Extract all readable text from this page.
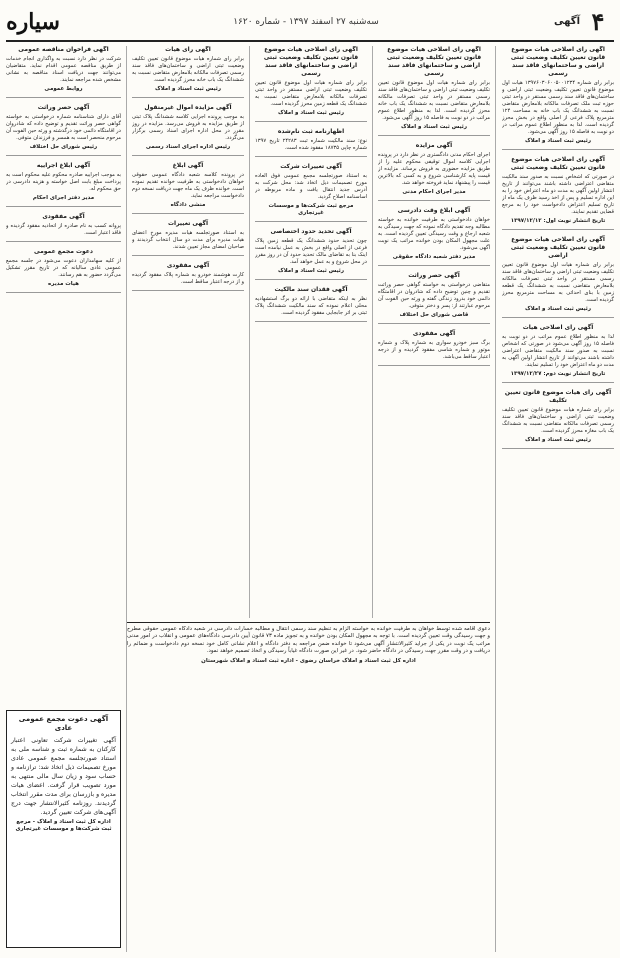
۴
آگهی
سه‌شنبه ۲۷ اسفند ۱۳۹۷ - شماره ۱۶۲۰
سیاره
آگهی رای اصلاحی هیات موضوع قانون تعیین تکلیف وضعیت ثبتی اراضی و ساختمانهای فاقد سند رسمی
برابر رای شماره ۱۳۹۷۶۰۳۰۶۰۰۵۰۰۱۲۳۴ هیات اول موضوع قانون تعیین تکلیف وضعیت ثبتی اراضی و ساختمان‌های فاقد سند رسمی مستقر در واحد ثبتی حوزه ثبت ملک تصرفات مالکانه بلامعارض متقاضی نسبت به ششدانگ یک باب خانه به مساحت ۱۲۴ مترمربع پلاک فرعی از اصلی واقع در بخش محرز گردیده است. لذا به منظور اطلاع عموم مراتب در دو نوبت به فاصله ۱۵ روز آگهی می‌شود.
رئیس ثبت اسناد و املاک
آگهی رای اصلاحی هیات موضوع قانون تعیین تکلیف وضعیت ثبتی
در صورتی که اشخاص نسبت به صدور سند مالکیت متقاضی اعتراضی داشته باشند می‌توانند از تاریخ انتشار اولین آگهی به مدت دو ماه اعتراض خود را به این اداره تسلیم و پس از اخذ رسید ظرف یک ماه از تاریخ تسلیم اعتراض دادخواست خود را به مرجع قضایی تقدیم نمایند.
تاریخ انتشار نوبت اول: ۱۳۹۷/۱۲/۱۲
آگهی رای اصلاحی هیات موضوع قانون تعیین تکلیف وضعیت ثبتی اراضی
برابر رای شماره هیات اول موضوع قانون تعیین تکلیف وضعیت ثبتی اراضی و ساختمان‌های فاقد سند رسمی مستقر در واحد ثبتی تصرفات مالکانه بلامعارض متقاضی نسبت به ششدانگ یک قطعه زمین با بنای احداثی به مساحت مترمربع محرز گردیده است.
رئیس ثبت اسناد و املاک
آگهی رای اصلاحی هیات
لذا به منظور اطلاع عموم مراتب در دو نوبت به فاصله ۱۵ روز آگهی می‌شود در صورتی که اشخاص نسبت به صدور سند مالکیت متقاضی اعتراضی داشته باشند می‌توانند از تاریخ انتشار اولین آگهی به مدت دو ماه اعتراض خود را تسلیم نمایند.
تاریخ انتشار نوبت دوم: ۱۳۹۷/۱۲/۲۷
آگهی رای هیات موضوع قانون تعیین تکلیف
برابر رای شماره هیات موضوع قانون تعیین تکلیف وضعیت ثبتی اراضی و ساختمان‌های فاقد سند رسمی تصرفات مالکانه متقاضی نسبت به ششدانگ یک باب مغازه محرز گردیده است.
رئیس ثبت اسناد و املاک
آگهی رای اصلاحی هیات موضوع قانون تعیین تکلیف وضعیت ثبتی اراضی و ساختمانهای فاقد سند رسمی
برابر رای شماره هیات اول موضوع قانون تعیین تکلیف وضعیت ثبتی اراضی و ساختمان‌های فاقد سند رسمی مستقر در واحد ثبتی تصرفات مالکانه بلامعارض متقاضی نسبت به ششدانگ یک باب خانه محرز گردیده است. لذا به منظور اطلاع عموم مراتب در دو نوبت به فاصله ۱۵ روز آگهی می‌شود.
رئیس ثبت اسناد و املاک
آگهی مزایده
اجرای احکام مدنی دادگستری در نظر دارد در پرونده اجرایی کلاسه اموال توقیفی محکوم علیه را از طریق مزایده حضوری به فروش برساند. مزایده از قیمت پایه کارشناسی شروع و به کسی که بالاترین قیمت را پیشنهاد نماید فروخته خواهد شد.
مدیر اجرای احکام مدنی
آگهی ابلاغ وقت دادرسی
خواهان دادخواستی به طرفیت خوانده به خواسته مطالبه وجه تقدیم دادگاه نموده که جهت رسیدگی به شعبه ارجاع و وقت رسیدگی تعیین گردیده است. به علت مجهول المکان بودن خوانده مراتب یک نوبت آگهی می‌شود.
مدیر دفتر شعبه دادگاه حقوقی
آگهی حصر وراثت
متقاضی درخواستی به خواسته گواهی حصر وراثت تقدیم و چنین توضیح داده که شادروان در اقامتگاه دائمی خود بدرود زندگی گفته و ورثه حین الفوت آن مرحوم عبارتند از: پسر و دختر متوفی.
قاضی شورای حل اختلاف
آگهی مفقودی
برگ سبز خودرو سواری به شماره پلاک و شماره موتور و شماره شاسی مفقود گردیده و از درجه اعتبار ساقط می‌باشد.
آگهی رای اصلاحی هیات موضوع قانون تعیین تکلیف وضعیت ثبتی اراضی و ساختمانهای فاقد سند رسمی
برابر رای شماره هیات اول موضوع قانون تعیین تکلیف وضعیت ثبتی اراضی مستقر در واحد ثبتی تصرفات مالکانه بلامعارض متقاضی نسبت به ششدانگ یک قطعه زمین محرز گردیده است.
رئیس ثبت اسناد و املاک
اظهارنامه ثبت نام‌شده
نوع: سند مالکیت شماره ثبت ۲۴۲۸۳ تاریخ ۱۳۹۷ شماره چاپی ۱۸۷۳۵ مفقود شده است.
آگهی تغییرات شرکت
به استناد صورتجلسه مجمع عمومی فوق العاده مورخ تصمیمات ذیل اتخاذ شد: محل شرکت به آدرس جدید انتقال یافت و ماده مربوطه در اساسنامه اصلاح گردید.
مرجع ثبت شرکت‌ها و موسسات غیرتجاری
آگهی تحدید حدود اختصاصی
چون تحدید حدود ششدانگ یک قطعه زمین پلاک فرعی از اصلی واقع در بخش به عمل نیامده است اینک بنا به تقاضای مالک تحدید حدود آن در روز مقرر در محل شروع و به عمل خواهد آمد.
رئیس ثبت اسناد و املاک
آگهی فقدان سند مالکیت
نظر به اینکه متقاضی با ارائه دو برگ استشهادیه محلی اعلام نموده که سند مالکیت ششدانگ پلاک ثبتی بر اثر جابجایی مفقود گردیده است.
آگهی رای هیات
برابر رای شماره هیات موضوع قانون تعیین تکلیف وضعیت ثبتی اراضی و ساختمان‌های فاقد سند رسمی تصرفات مالکانه بلامعارض متقاضی نسبت به ششدانگ یک باب خانه محرز گردیده است.
رئیس ثبت اسناد و املاک
آگهی مزایده اموال غیرمنقول
به موجب پرونده اجرایی کلاسه ششدانگ پلاک ثبتی از طریق مزایده به فروش می‌رسد. مزایده در روز مقرر در محل اداره اجرای اسناد رسمی برگزار می‌گردد.
رئیس اداره اجرای اسناد رسمی
آگهی ابلاغ
در پرونده کلاسه شعبه دادگاه عمومی حقوقی خواهان دادخواستی به طرفیت خوانده تقدیم نموده است. خوانده ظرف یک ماه جهت دریافت نسخه دوم دادخواست مراجعه نماید.
منشی دادگاه
آگهی تغییرات
به استناد صورتجلسه هیات مدیره مورخ اعضای هیات مدیره برای مدت دو سال انتخاب گردیدند و صاحبان امضای مجاز تعیین شدند.
آگهی مفقودی
کارت هوشمند خودرو به شماره پلاک مفقود گردیده و از درجه اعتبار ساقط است.
آگهی فراخوان مناقصه عمومی
شرکت در نظر دارد نسبت به واگذاری انجام خدمات از طریق مناقصه عمومی اقدام نماید. متقاضیان می‌توانند جهت دریافت اسناد مناقصه به نشانی مشخص شده مراجعه نمایند.
روابط عمومی
آگهی حصر وراثت
آقای دارای شناسنامه شماره درخواستی به خواسته گواهی حصر وراثت تقدیم و توضیح داده که شادروان در اقامتگاه دائمی خود درگذشته و ورثه حین الفوت آن مرحوم منحصر است به همسر و فرزندان متوفی.
رئیس شورای حل اختلاف
آگهی ابلاغ اجراییه
به موجب اجراییه صادره محکوم علیه محکوم است به پرداخت مبلغ بابت اصل خواسته و هزینه دادرسی در حق محکوم له.
مدیر دفتر اجرای احکام
آگهی مفقودی
پروانه کسب به نام صادره از اتحادیه مفقود گردیده و فاقد اعتبار است.
دعوت مجمع عمومی
از کلیه سهامداران دعوت می‌شود در جلسه مجمع عمومی عادی سالیانه که در تاریخ مقرر تشکیل می‌گردد حضور به هم رسانند.
هیات مدیره
دعوی اقامه شده توسط خواهان به طرفیت خوانده به خواسته الزام به تنظیم سند رسمی انتقال و مطالبه خسارات دادرسی در شعبه دادگاه عمومی حقوقی مطرح و جهت رسیدگی وقت تعیین گردیده است. با توجه به مجهول المکان بودن خوانده و به تجویز ماده ۷۳ قانون آیین دادرسی دادگاه‌های عمومی و انقلاب در امور مدنی مراتب یک نوبت در یکی از جراید کثیرالانتشار آگهی می‌شود تا خوانده ضمن مراجعه به دفتر دادگاه و اعلام نشانی کامل خود نسخه دوم دادخواست و ضمائم را دریافت و در وقت مقرر جهت رسیدگی در دادگاه حاضر شود. در غیر این صورت دادگاه غیاباً رسیدگی و اتخاذ تصمیم خواهد نمود.
اداره کل ثبت اسناد و املاک خراسان رضوی - اداره ثبت اسناد و املاک شهرستان
آگهی دعوت مجمع عمومی عادی
آگهی تغییرات شرکت تعاونی اعتبار کارکنان به شماره ثبت و شناسه ملی به استناد صورتجلسه مجمع عمومی عادی مورخ تصمیمات ذیل اتخاذ شد: ترازنامه و حساب سود و زیان سال مالی منتهی به مورد تصویب قرار گرفت. اعضای هیات مدیره و بازرسان برای مدت مقرر انتخاب گردیدند. روزنامه کثیرالانتشار جهت درج آگهی‌های شرکت تعیین گردید.
اداره کل ثبت اسناد و املاک - مرجع ثبت شرکت‌ها و موسسات غیرتجاری
